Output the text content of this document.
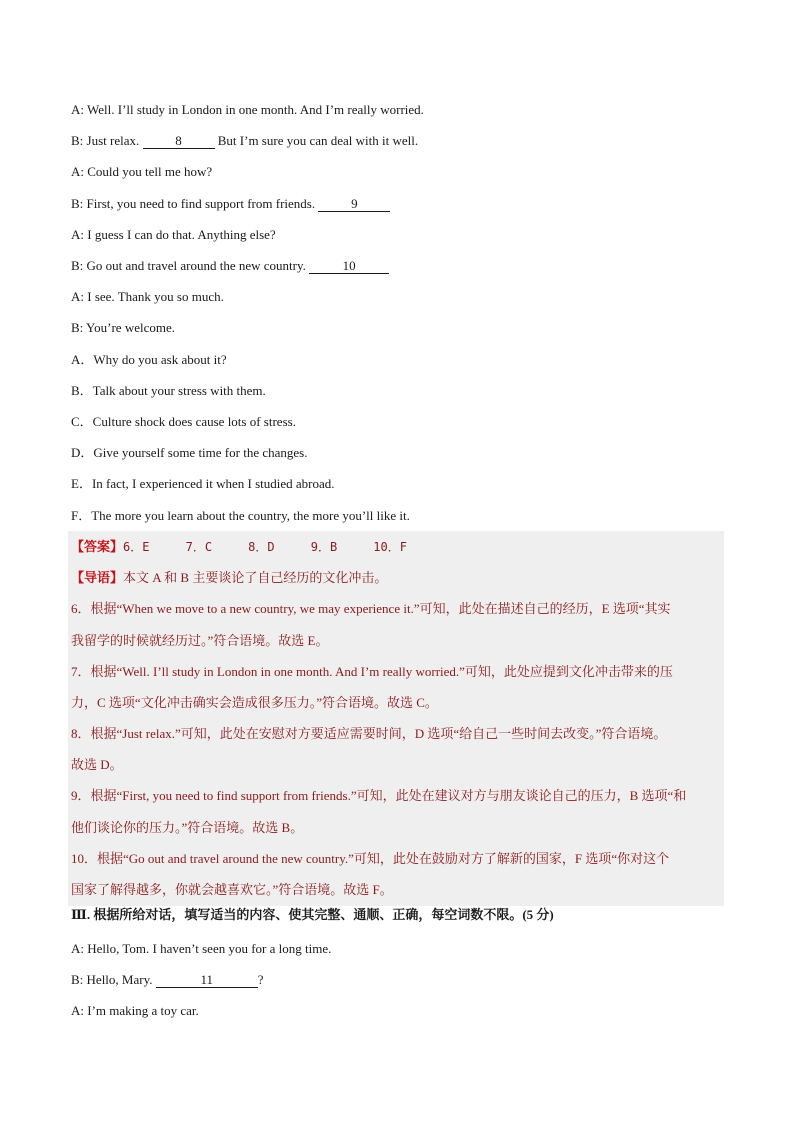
A: Well. I’ll study in London in one month. And I’m really worried.
B: Just relax.	8	But I’m sure you can deal with it well.
A: Could you tell me how?
B: First, you need to find support from friends.	9
A: I guess I can do that. Anything else?
B: Go out and travel around the new country.	10
A: I see. Thank you so much.
B: You’re welcome.
A．Why do you ask about it?
B．Talk about your stress with them.
C．Culture shock does cause lots of stress.
D．Give yourself some time for the changes.
E．In fact, I experienced it when I studied abroad.
F．The more you learn about the country, the more you’ll like it.
【答案】6．E     7．C     8．D     9．B     10．F
【导语】本文 A 和 B 主要谈论了自己经历的文化冲击。
6．根据“When we move to a new country, we may experience it.”可知，此处在描述自己的经历，E 选项“其实
我留学的时候就经历过。”符合语境。故选 E。
7．根据“Well. I’ll study in London in one month. And I’m really worried.”可知，此处应提到文化冲击带来的压
力，C 选项“文化冲击确实会造成很多压力。”符合语境。故选 C。
8．根据“Just relax.”可知，此处在安慰对方要适应需要时间，D 选项“给自己一些时间去改变。”符合语境。
故选 D。
9．根据“First, you need to find support from friends.”可知，此处在建议对方与朋友谈论自己的压力，B 选项“和
他们谈论你的压力。”符合语境。故选 B。
10．根据“Go out and travel around the new country.”可知，此处在鼓励对方了解新的国家，F 选项“你对这个
国家了解得越多，你就会越喜欢它。”符合语境。故选 F。
Ⅲ. 根据所给对话，填写适当的内容、使其完整、通顺、正确，每空词数不限。(5 分)
A: Hello, Tom. I haven’t seen you for a long time.
B: Hello, Mary.	11	?
A: I’m making a toy car.
